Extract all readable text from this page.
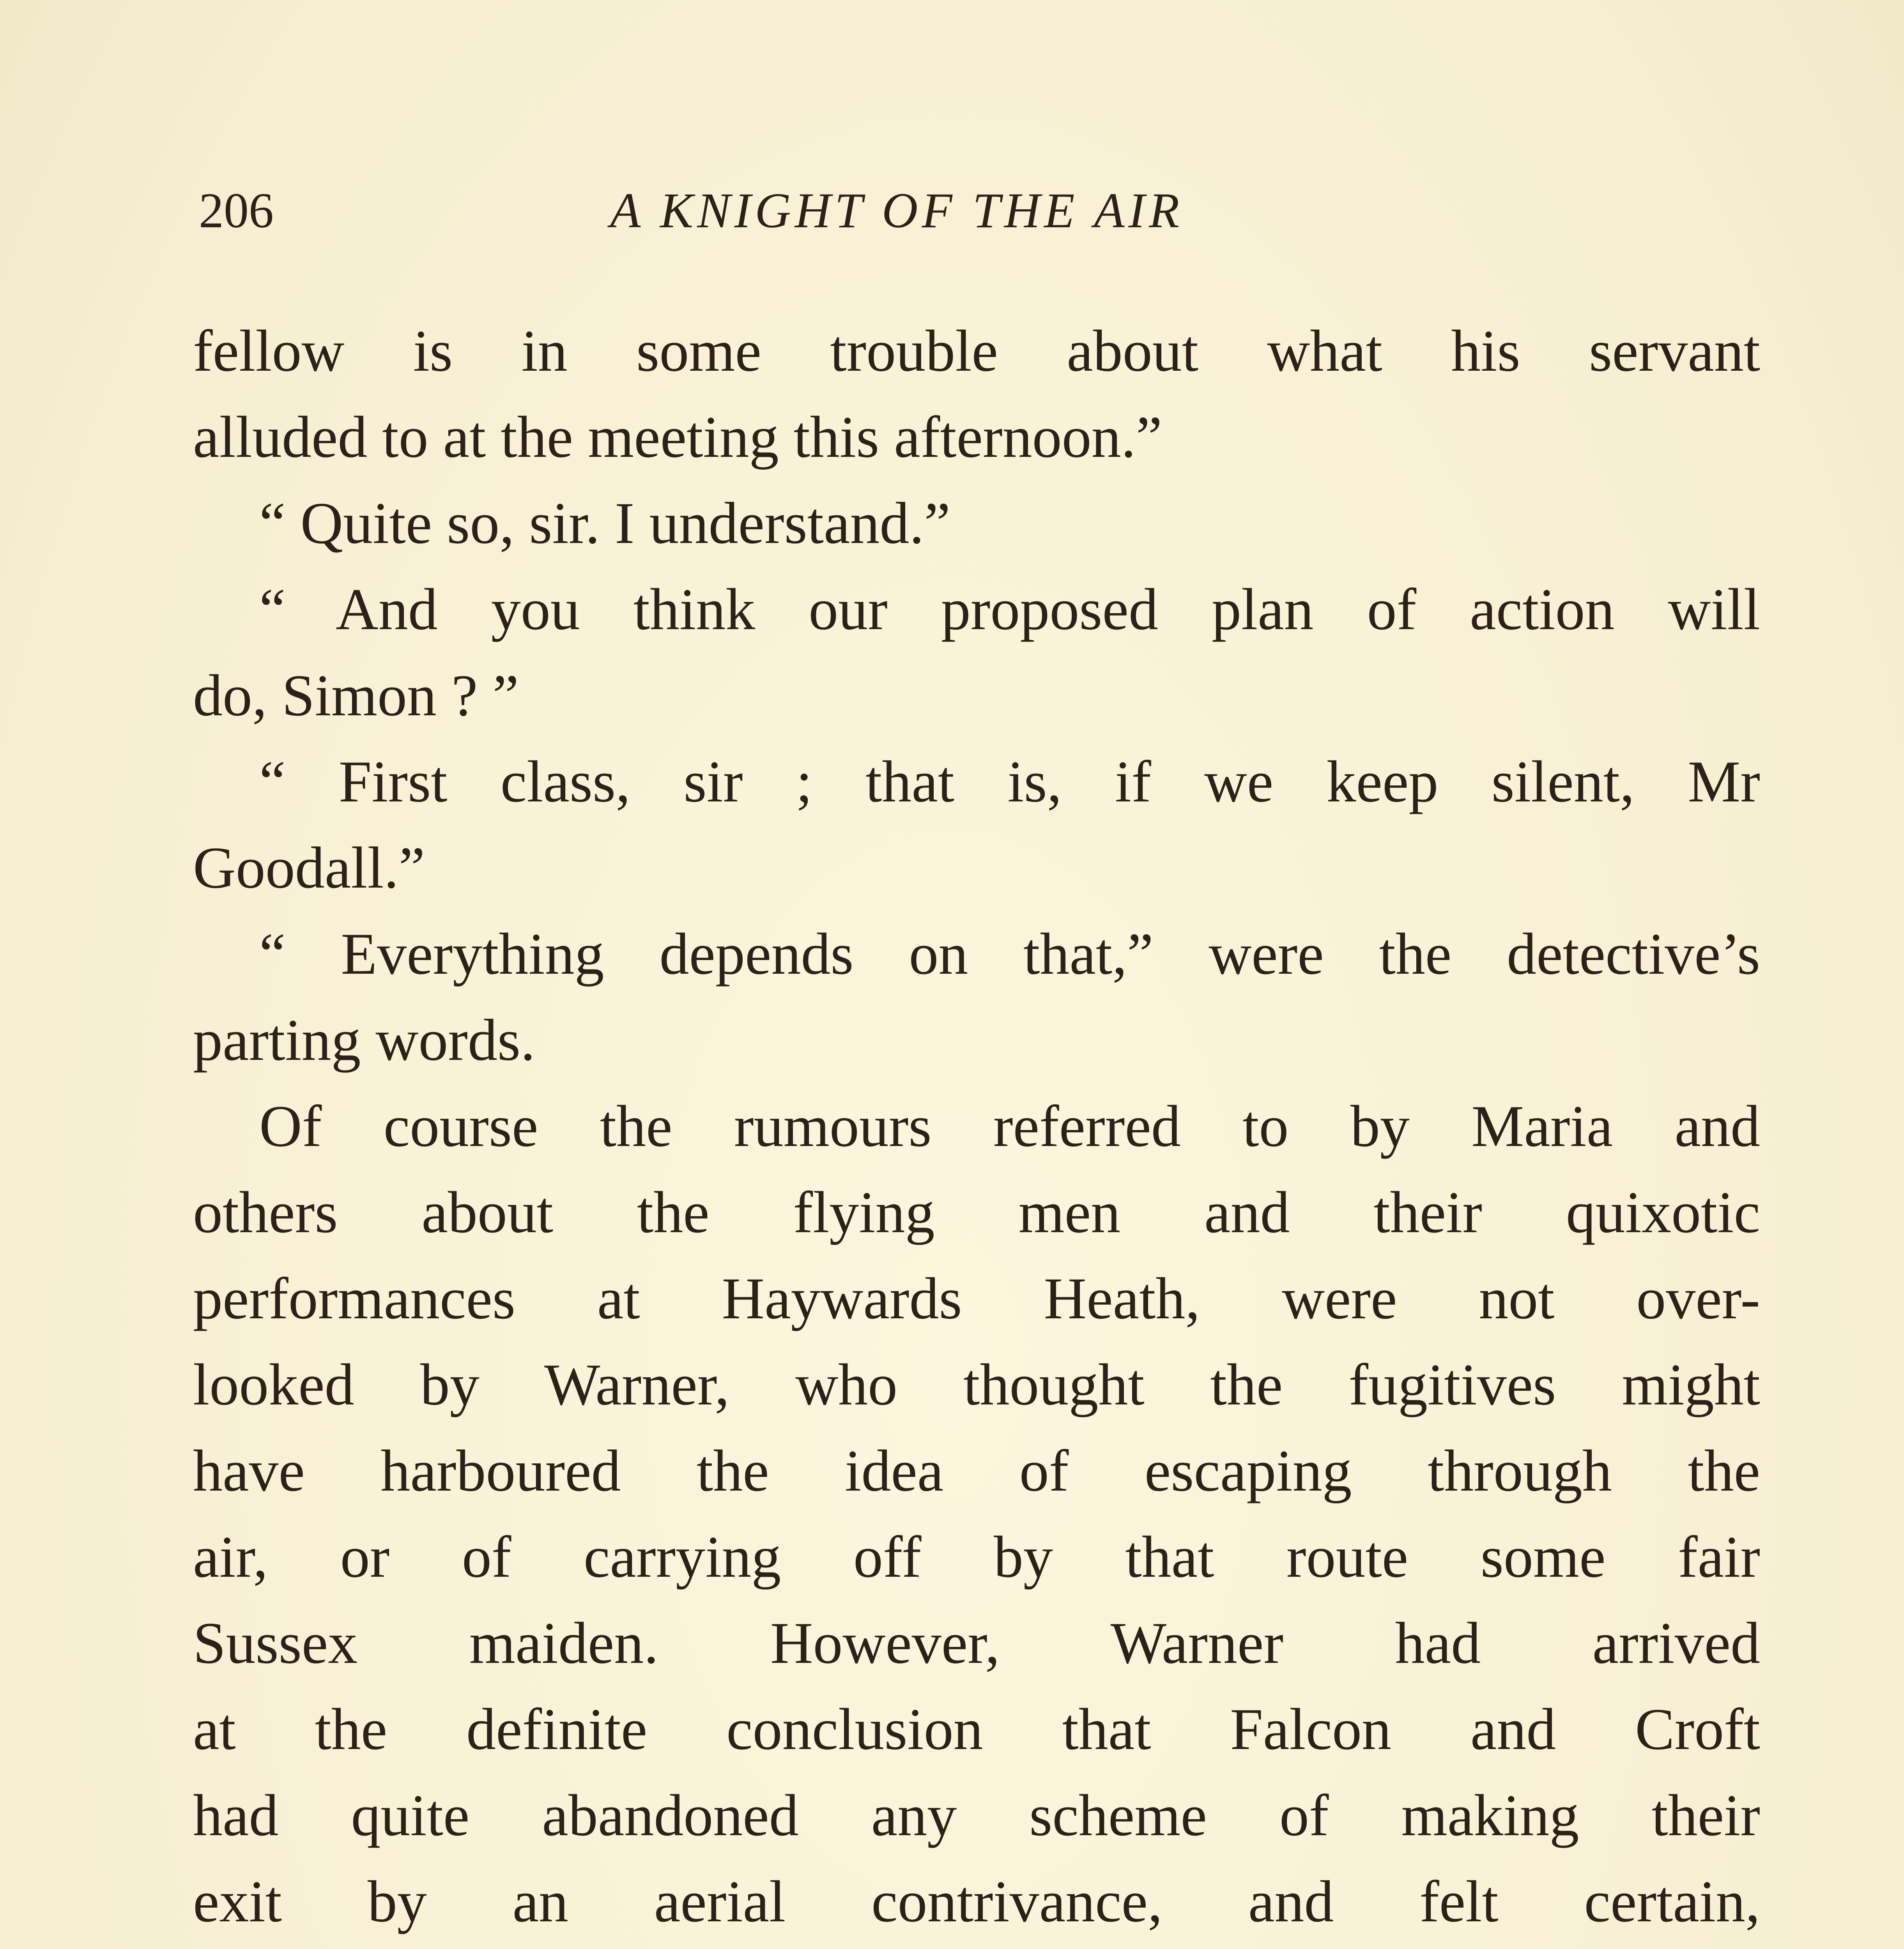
206	A KNIGHT OF THE AIR
fellow is in some trouble about what his servant
alluded to at the meeting this afternoon.”
“ Quite so, sir. I understand.”
“ And you think our proposed plan of action will
do, Simon ? ”
“ First class, sir ; that is, if we keep silent, Mr
Goodall.”
“ Everything depends on that,” were the detective’s
parting words.
Of course the rumours referred to by Maria and
others about the flying men and their quixotic
performances at Haywards Heath, were not over-
looked by Warner, who thought the fugitives might
have harboured the idea of escaping through the
air, or of carrying off by that route some fair
Sussex maiden. However, Warner had arrived
at the definite conclusion that Falcon and Croft
had quite abandoned any scheme of making their
exit by an aerial contrivance, and felt certain,
